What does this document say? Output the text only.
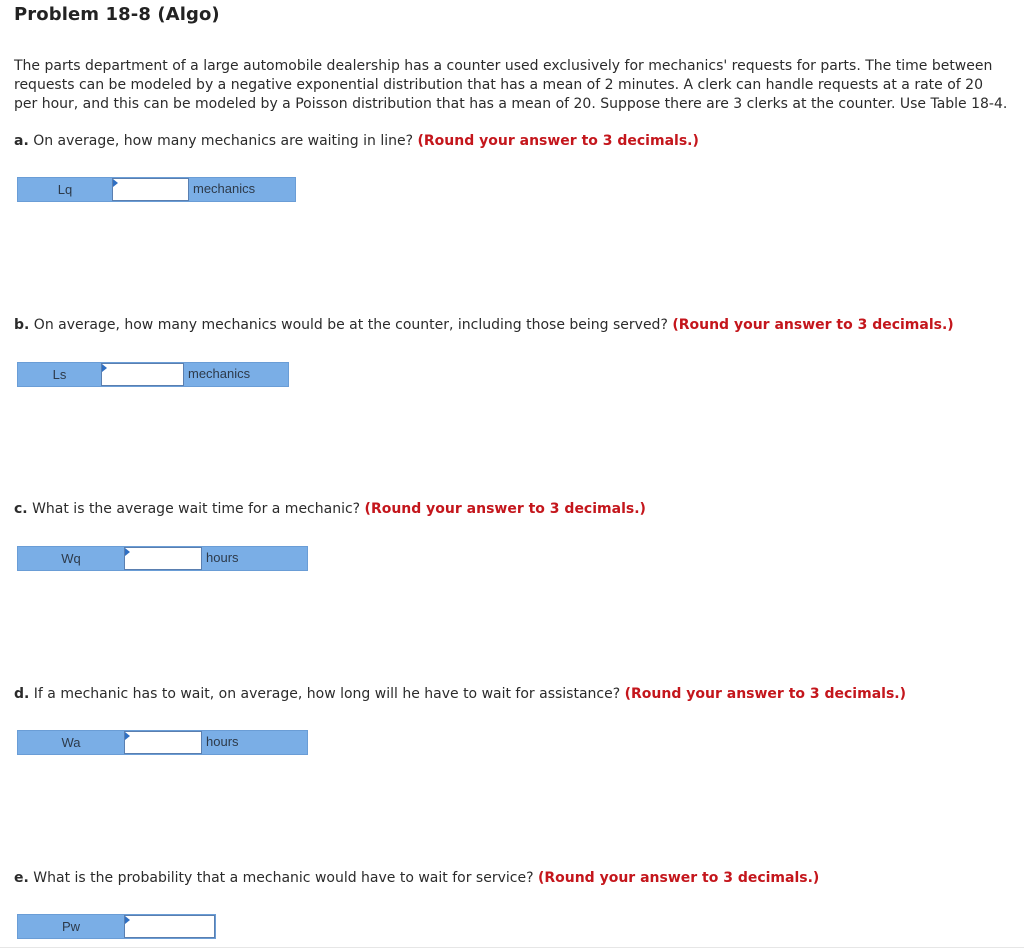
Problem 18-8 (Algo)
The parts department of a large automobile dealership has a counter used exclusively for mechanics' requests for parts. The time between requests can be modeled by a negative exponential distribution that has a mean of 2 minutes. A clerk can handle requests at a rate of 20 per hour, and this can be modeled by a Poisson distribution that has a mean of 20. Suppose there are 3 clerks at the counter. Use Table 18-4.
a. On average, how many mechanics are waiting in line? (Round your answer to 3 decimals.)
Lq	mechanics
b. On average, how many mechanics would be at the counter, including those being served? (Round your answer to 3 decimals.)
Ls	mechanics
c. What is the average wait time for a mechanic? (Round your answer to 3 decimals.)
Wq	hours
d. If a mechanic has to wait, on average, how long will he have to wait for assistance? (Round your answer to 3 decimals.)
Wa	hours
e. What is the probability that a mechanic would have to wait for service? (Round your answer to 3 decimals.)
Pw
